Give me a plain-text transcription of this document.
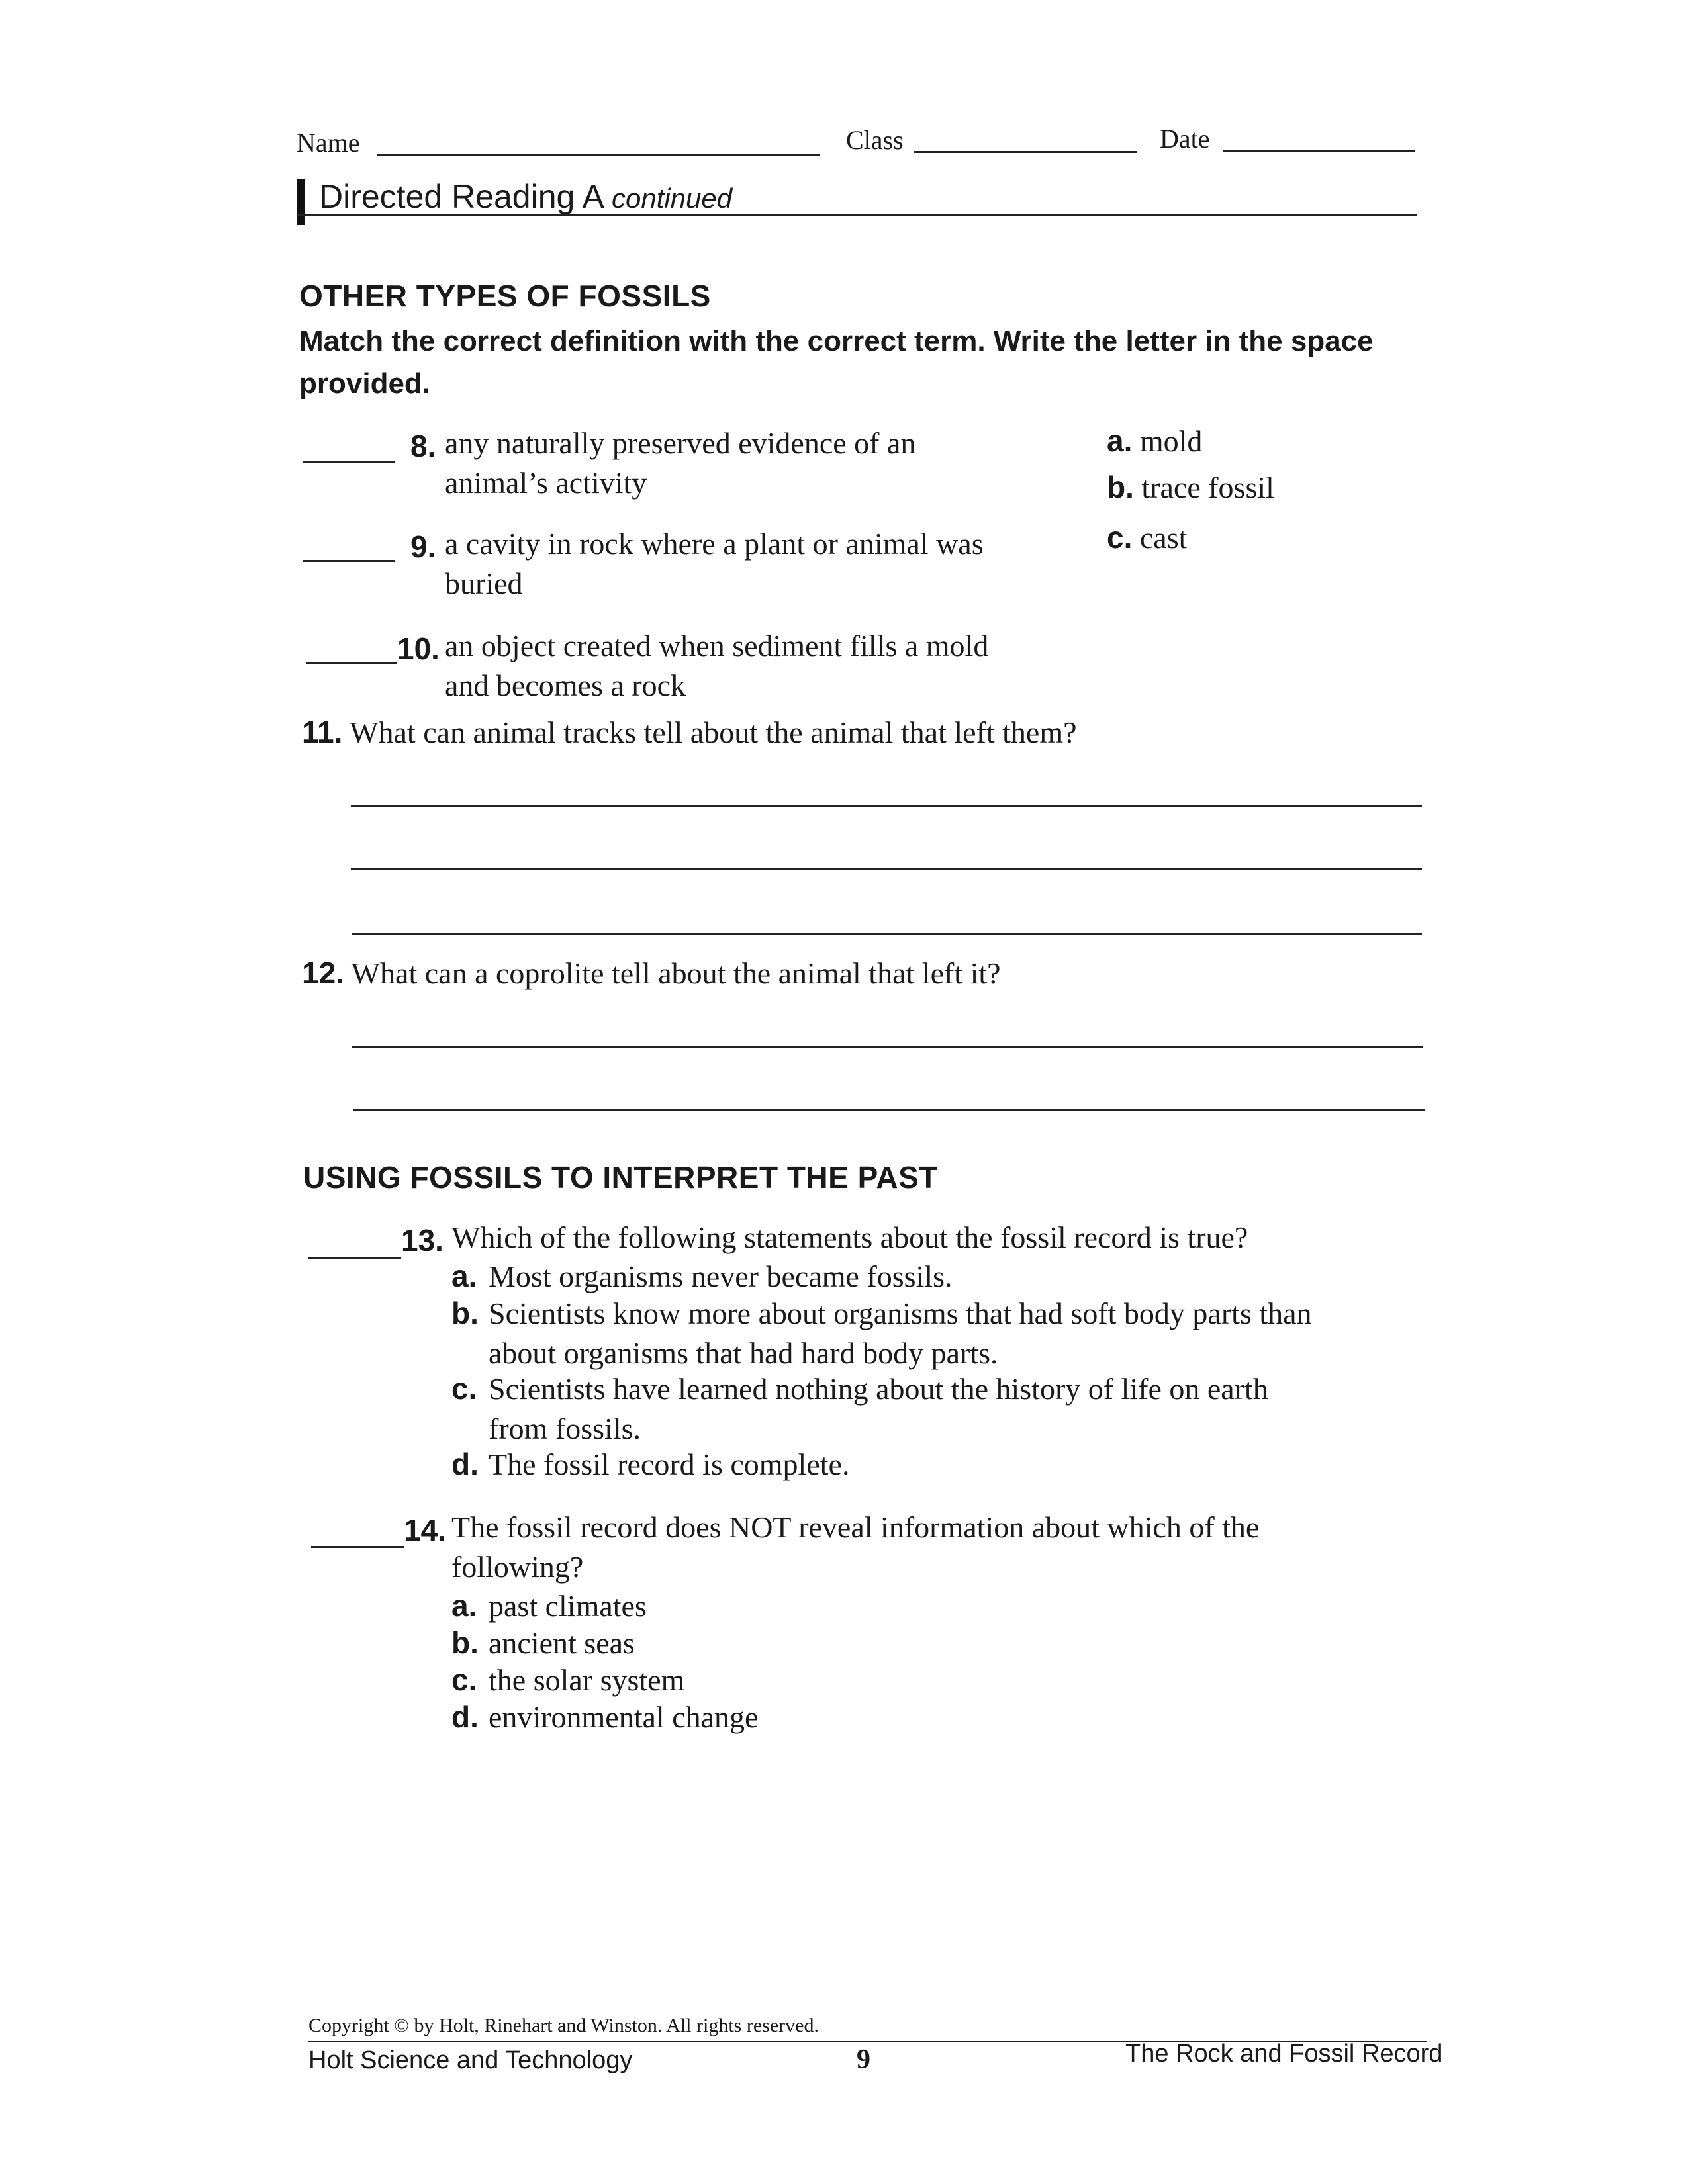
Name	Class	Date
Directed Reading A continued
OTHER TYPES OF FOSSILS
Match the correct definition with the correct term. Write the letter in the space provided.
8. any naturally preserved evidence of an
animal’s activity
9. a cavity in rock where a plant or animal was
buried
10. an object created when sediment fills a mold
and becomes a rock
a. mold
b. trace fossil
c. cast
11. What can animal tracks tell about the animal that left them?
12. What can a coprolite tell about the animal that left it?
USING FOSSILS TO INTERPRET THE PAST
13. Which of the following statements about the fossil record is true?
a. Most organisms never became fossils.
b. Scientists know more about organisms that had soft body parts than
about organisms that had hard body parts.
c. Scientists have learned nothing about the history of life on earth
from fossils.
d. The fossil record is complete.
14. The fossil record does NOT reveal information about which of the
following?
a. past climates
b. ancient seas
c. the solar system
d. environmental change
Copyright © by Holt, Rinehart and Winston. All rights reserved.
Holt Science and Technology	9	The Rock and Fossil Record
